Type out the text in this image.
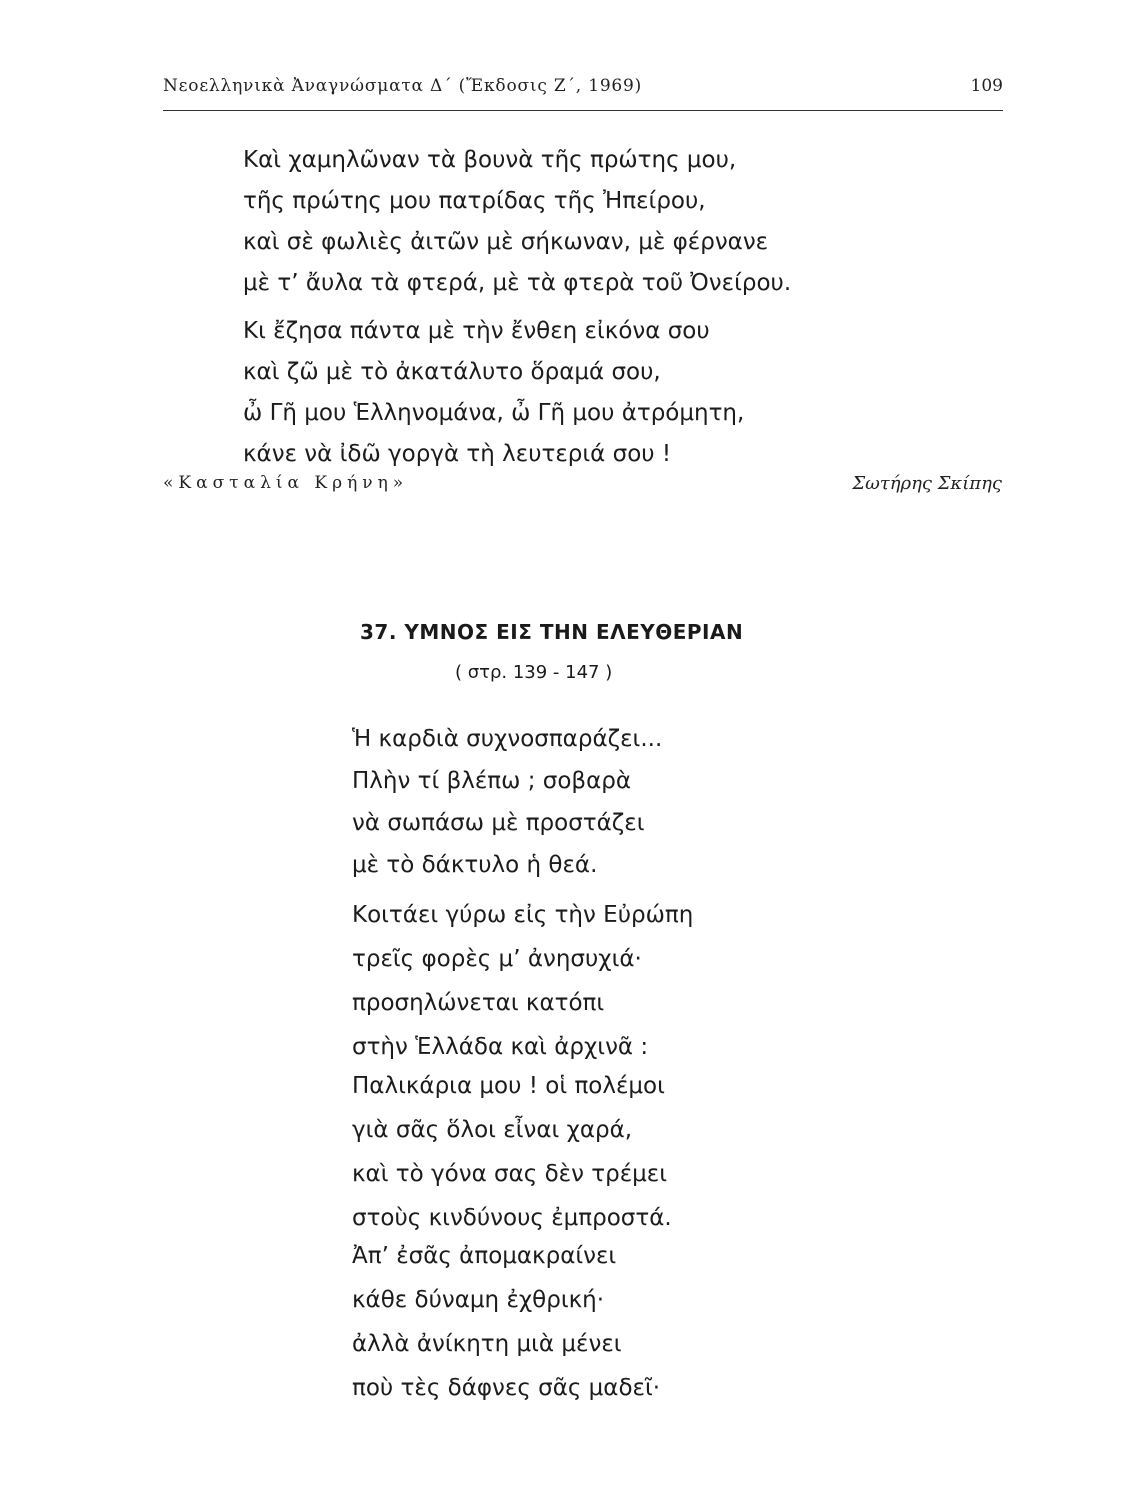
Νεοελληνικὰ Ἀναγνώσματα Δ´ (Ἔκδοσις Ζ´, 1969)	109
Καὶ χαμηλῶναν τὰ βουνὰ τῆς πρώτης μου,
τῆς πρώτης μου πατρίδας τῆς Ἠπείρου,
καὶ σὲ φωλιὲς ἀιτῶν μὲ σήκωναν, μὲ φέρνανε
μὲ τ’ ἄυλα τὰ φτερά, μὲ τὰ φτερὰ τοῦ Ὀνείρου.
Κι ἔζησα πάντα μὲ τὴν ἔνθεη εἰκόνα σου
καὶ ζῶ μὲ τὸ ἀκατάλυτο ὅραμά σου,
ὦ Γῆ μου Ἑλληνομάνα, ὦ Γῆ μου ἀτρόμητη,
κάνε νὰ ἰδῶ γοργὰ τὴ λευτεριά σου !
«Κασταλία Κρήνη»	Σωτήρης Σκίπης
37. ΥΜΝΟΣ ΕΙΣ ΤΗΝ ΕΛΕΥΘΕΡΙΑΝ
( στρ. 139 - 147 )
Ἡ καρδιὰ συχνοσπαράζει...
Πλὴν τί βλέπω ; σοβαρὰ
νὰ σωπάσω μὲ προστάζει
μὲ τὸ δάκτυλο ἡ θεά.
Κοιτάει γύρω εἰς τὴν Εὐρώπη
τρεῖς φορὲς μ’ ἀνησυχιά·
προσηλώνεται κατόπι
στὴν Ἑλλάδα καὶ ἀρχινᾶ :
Παλικάρια μου ! οἱ πολέμοι
γιὰ σᾶς ὅλοι εἶναι χαρά,
καὶ τὸ γόνα σας δὲν τρέμει
στοὺς κινδύνους ἐμπροστά.
Ἀπ’ ἐσᾶς ἀπομακραίνει
κάθε δύναμη ἐχθρική·
ἀλλὰ ἀνίκητη μιὰ μένει
ποὺ τὲς δάφνες σᾶς μαδεῖ·
